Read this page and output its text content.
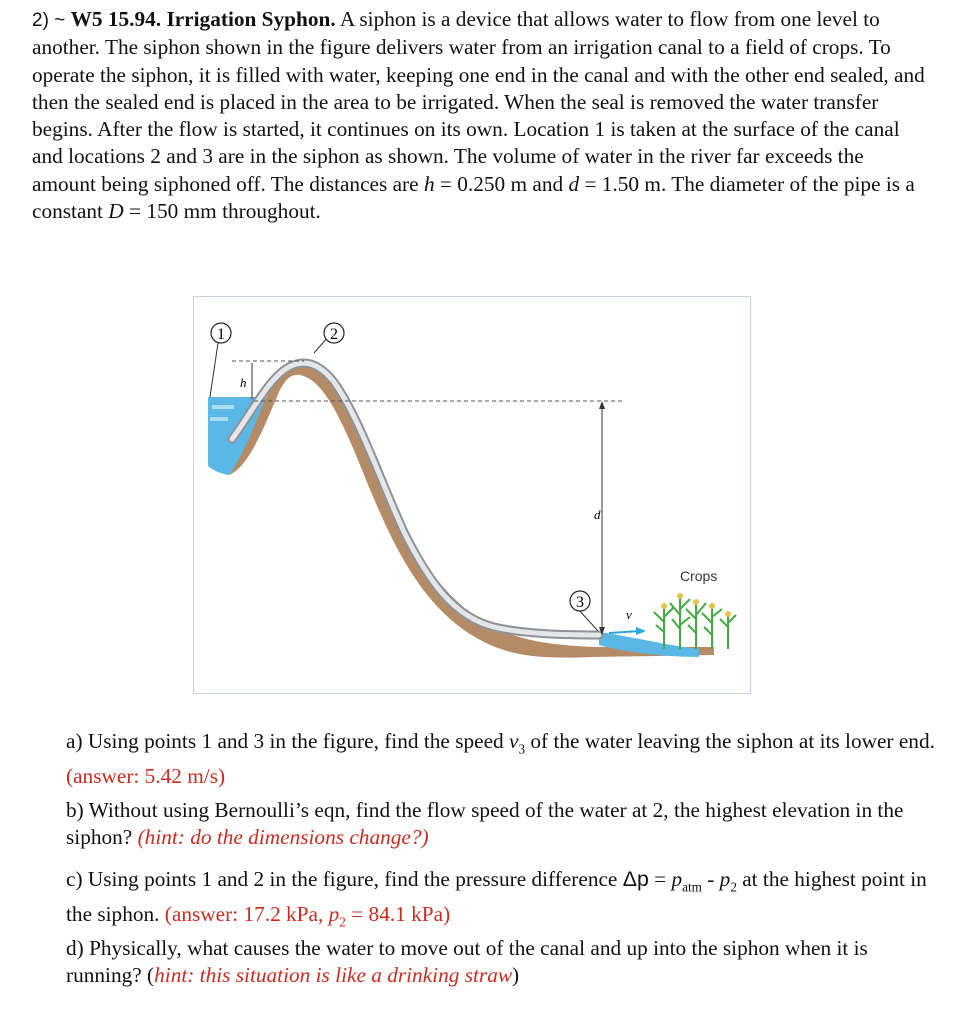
2) ~ W5 15.94. Irrigation Syphon. A siphon is a device that allows water to flow from one level to another. The siphon shown in the figure delivers water from an irrigation canal to a field of crops. To operate the siphon, it is filled with water, keeping one end in the canal and with the other end sealed, and then the sealed end is placed in the area to be irrigated. When the seal is removed the water transfer begins. After the flow is started, it continues on its own. Location 1 is taken at the surface of the canal and locations 2 and 3 are in the siphon as shown. The volume of water in the river far exceeds the amount being siphoned off. The distances are h = 0.250 m and d = 1.50 m. The diameter of the pipe is a constant D = 150 mm throughout.
1	2
3
h
d
v
Crops
a) Using points 1 and 3 in the figure, find the speed $v_3$ of the water leaving the siphon at its lower end. (answer: 5.42 m/s)
b) Without using Bernoulli’s eqn, find the flow speed of the water at 2, the highest elevation in the siphon? (hint: do the dimensions change?)
c) Using points 1 and 2 in the figure, find the pressure difference $\Delta p = p_{atm} - p_2$ at the highest point in the siphon. (answer: 17.2 kPa, $p_2 = 84.1$ kPa)
d) Physically, what causes the water to move out of the canal and up into the siphon when it is running? (hint: this situation is like a drinking straw)
